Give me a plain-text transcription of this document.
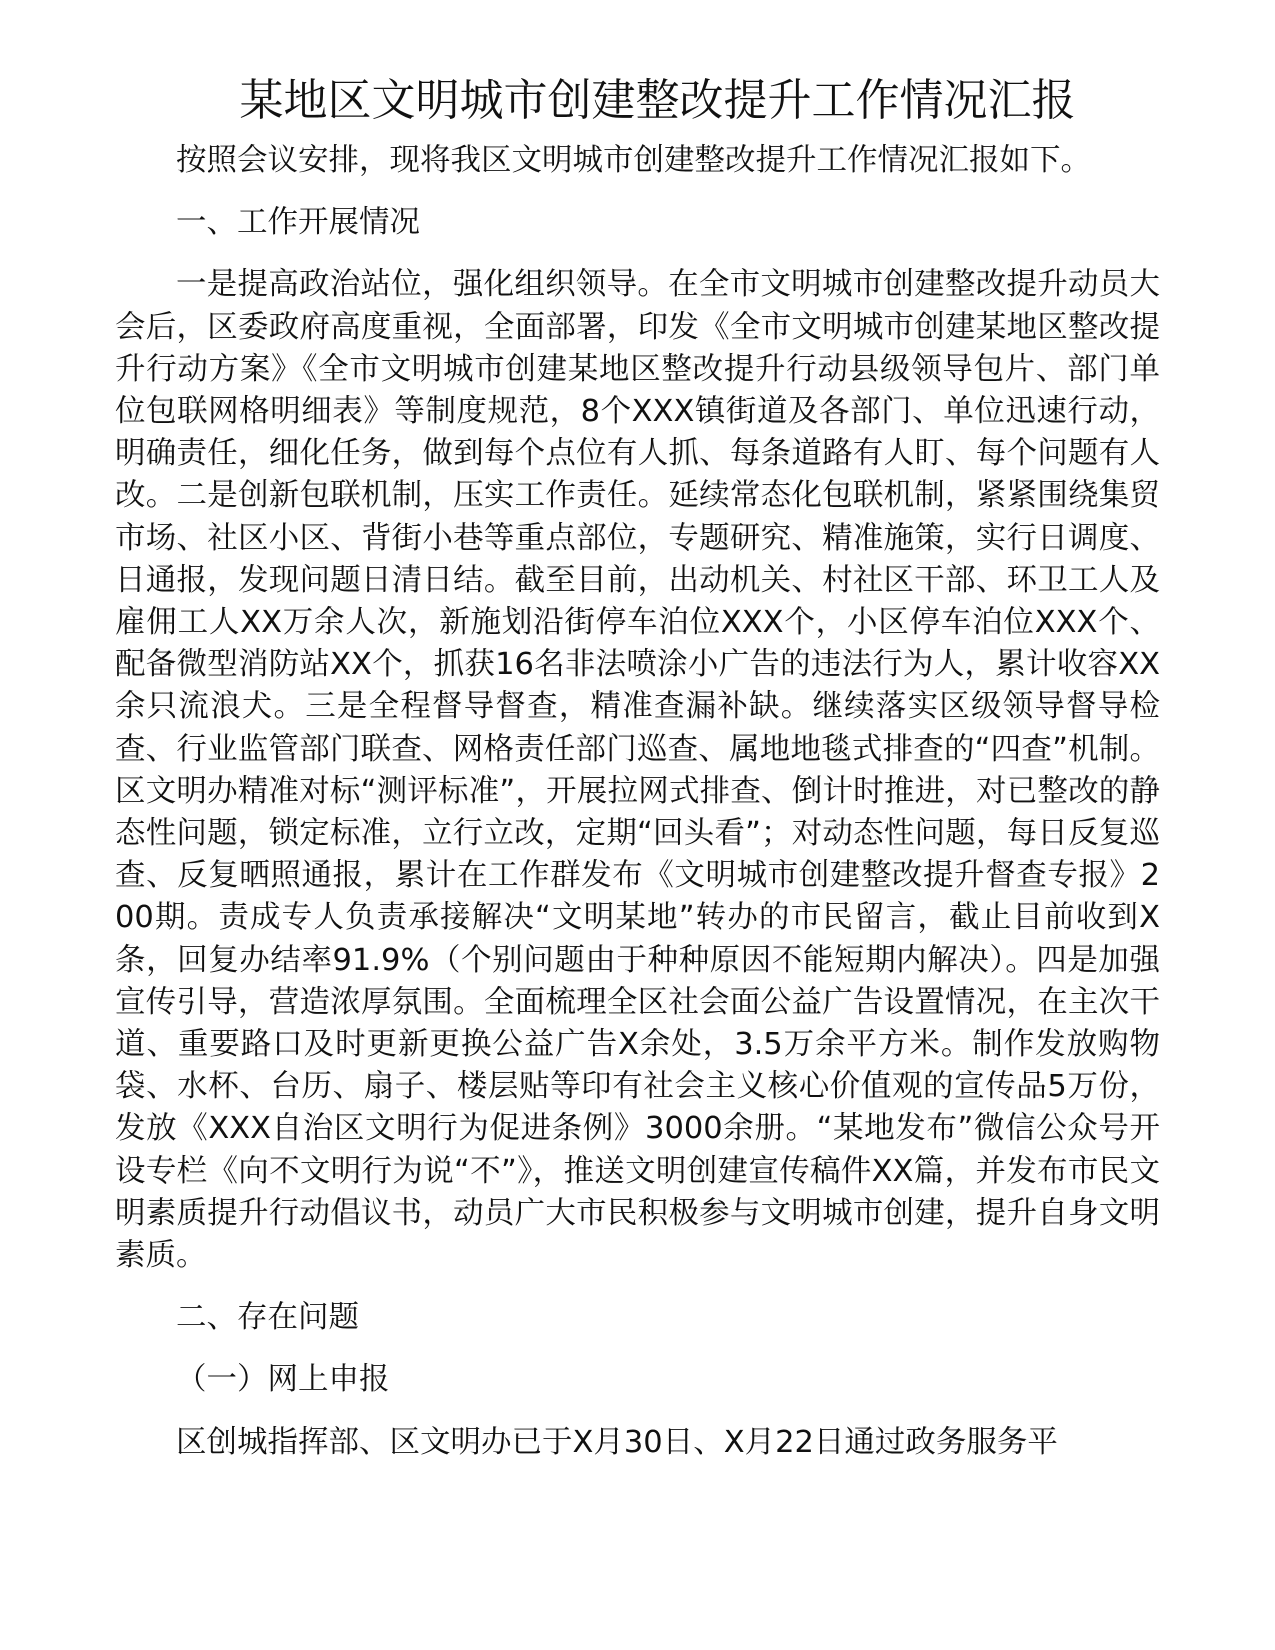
某地区文明城市创建整改提升工作情况汇报

按照会议安排，现将我区文明城市创建整改提升工作情况汇报如下。

一、工作开展情况

一是提高政治站位，强化组织领导。在全市文明城市创建整改提升动员大会后，区委政府高度重视，全面部署，印发《全市文明城市创建某地区整改提升行动方案》《全市文明城市创建某地区整改提升行动县级领导包片、部门单位包联网格明细表》等制度规范，8个XXX镇街道及各部门、单位迅速行动，明确责任，细化任务，做到每个点位有人抓、每条道路有人盯、每个问题有人改。二是创新包联机制，压实工作责任。延续常态化包联机制，紧紧围绕集贸市场、社区小区、背街小巷等重点部位，专题研究、精准施策，实行日调度、日通报，发现问题日清日结。截至目前，出动机关、村社区干部、环卫工人及雇佣工人XX万余人次，新施划沿街停车泊位XXX个，小区停车泊位XXX个、配备微型消防站XX个，抓获16名非法喷涂小广告的违法行为人，累计收容XX余只流浪犬。三是全程督导督查，精准查漏补缺。继续落实区级领导督导检查、行业监管部门联查、网格责任部门巡查、属地地毯式排查的“四查”机制。区文明办精准对标“测评标准”，开展拉网式排查、倒计时推进，对已整改的静态性问题，锁定标准，立行立改，定期“回头看”；对动态性问题，每日反复巡查、反复晒照通报，累计在工作群发布《文明城市创建整改提升督查专报》200期。责成专人负责承接解决“文明某地”转办的市民留言，截止目前收到X条，回复办结率91.9%（个别问题由于种种原因不能短期内解决）。四是加强宣传引导，营造浓厚氛围。全面梳理全区社会面公益广告设置情况，在主次干道、重要路口及时更新更换公益广告X余处，3.5万余平方米。制作发放购物袋、水杯、台历、扇子、楼层贴等印有社会主义核心价值观的宣传品5万份，发放《XXX自治区文明行为促进条例》3000余册。“某地发布”微信公众号开设专栏《向不文明行为说“不”》，推送文明创建宣传稿件XX篇，并发布市民文明素质提升行动倡议书，动员广大市民积极参与文明城市创建，提升自身文明素质。

二、存在问题

（一）网上申报

区创城指挥部、区文明办已于X月30日、X月22日通过政务服务平
